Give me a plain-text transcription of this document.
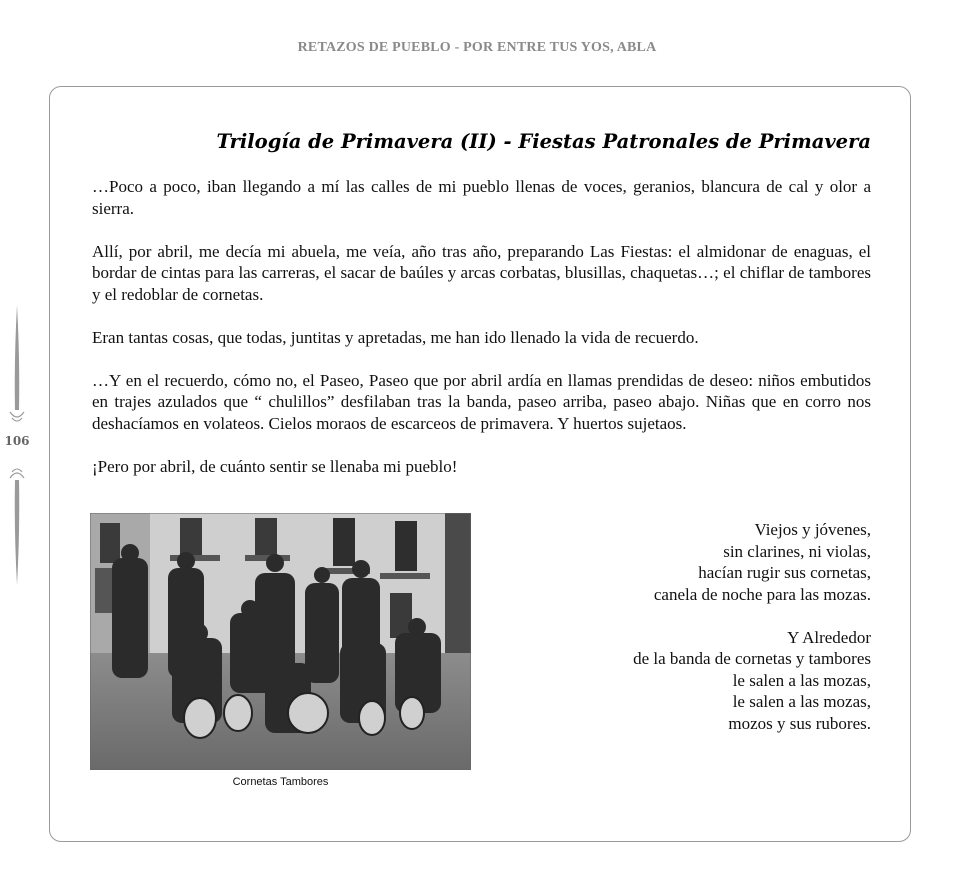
RETAZOS DE PUEBLO - POR ENTRE TUS YOS, ABLA
106
Trilogía de Primavera (II) - Fiestas Patronales de Primavera

…Poco a poco, iban llegando a mí las calles de mi pueblo llenas de voces, geranios, blancura de cal y olor a sierra.

Allí, por abril, me decía mi abuela, me veía, año tras año, preparando Las Fiestas: el almidonar de enaguas, el bordar de cintas para las carreras, el sacar de baúles y arcas corbatas, blusillas, chaquetas…; el chiflar de tambores y el redoblar de cornetas.

Eran tantas cosas, que todas, juntitas y apretadas, me han ido llenado la vida de recuerdo.

…Y en el recuerdo, cómo no, el Paseo, Paseo que por abril ardía en llamas prendidas de deseo: niños embutidos en trajes azulados que “ chulillos” desfilaban tras la banda, paseo arriba, paseo abajo. Niñas que en corro nos deshacíamos en volateos. Cielos moraos de escarceos de primavera. Y huertos sujetaos.

¡Pero por abril, de cuánto sentir se llenaba mi pueblo!

Cornetas Tambores
Viejos y jóvenes,
sin clarines, ni violas,
hacían rugir sus cornetas,
canela de noche para las mozas.
Y Alrededor
de la banda de cornetas y tambores
le salen a las mozas,
le salen a las mozas,
mozos y sus rubores.
